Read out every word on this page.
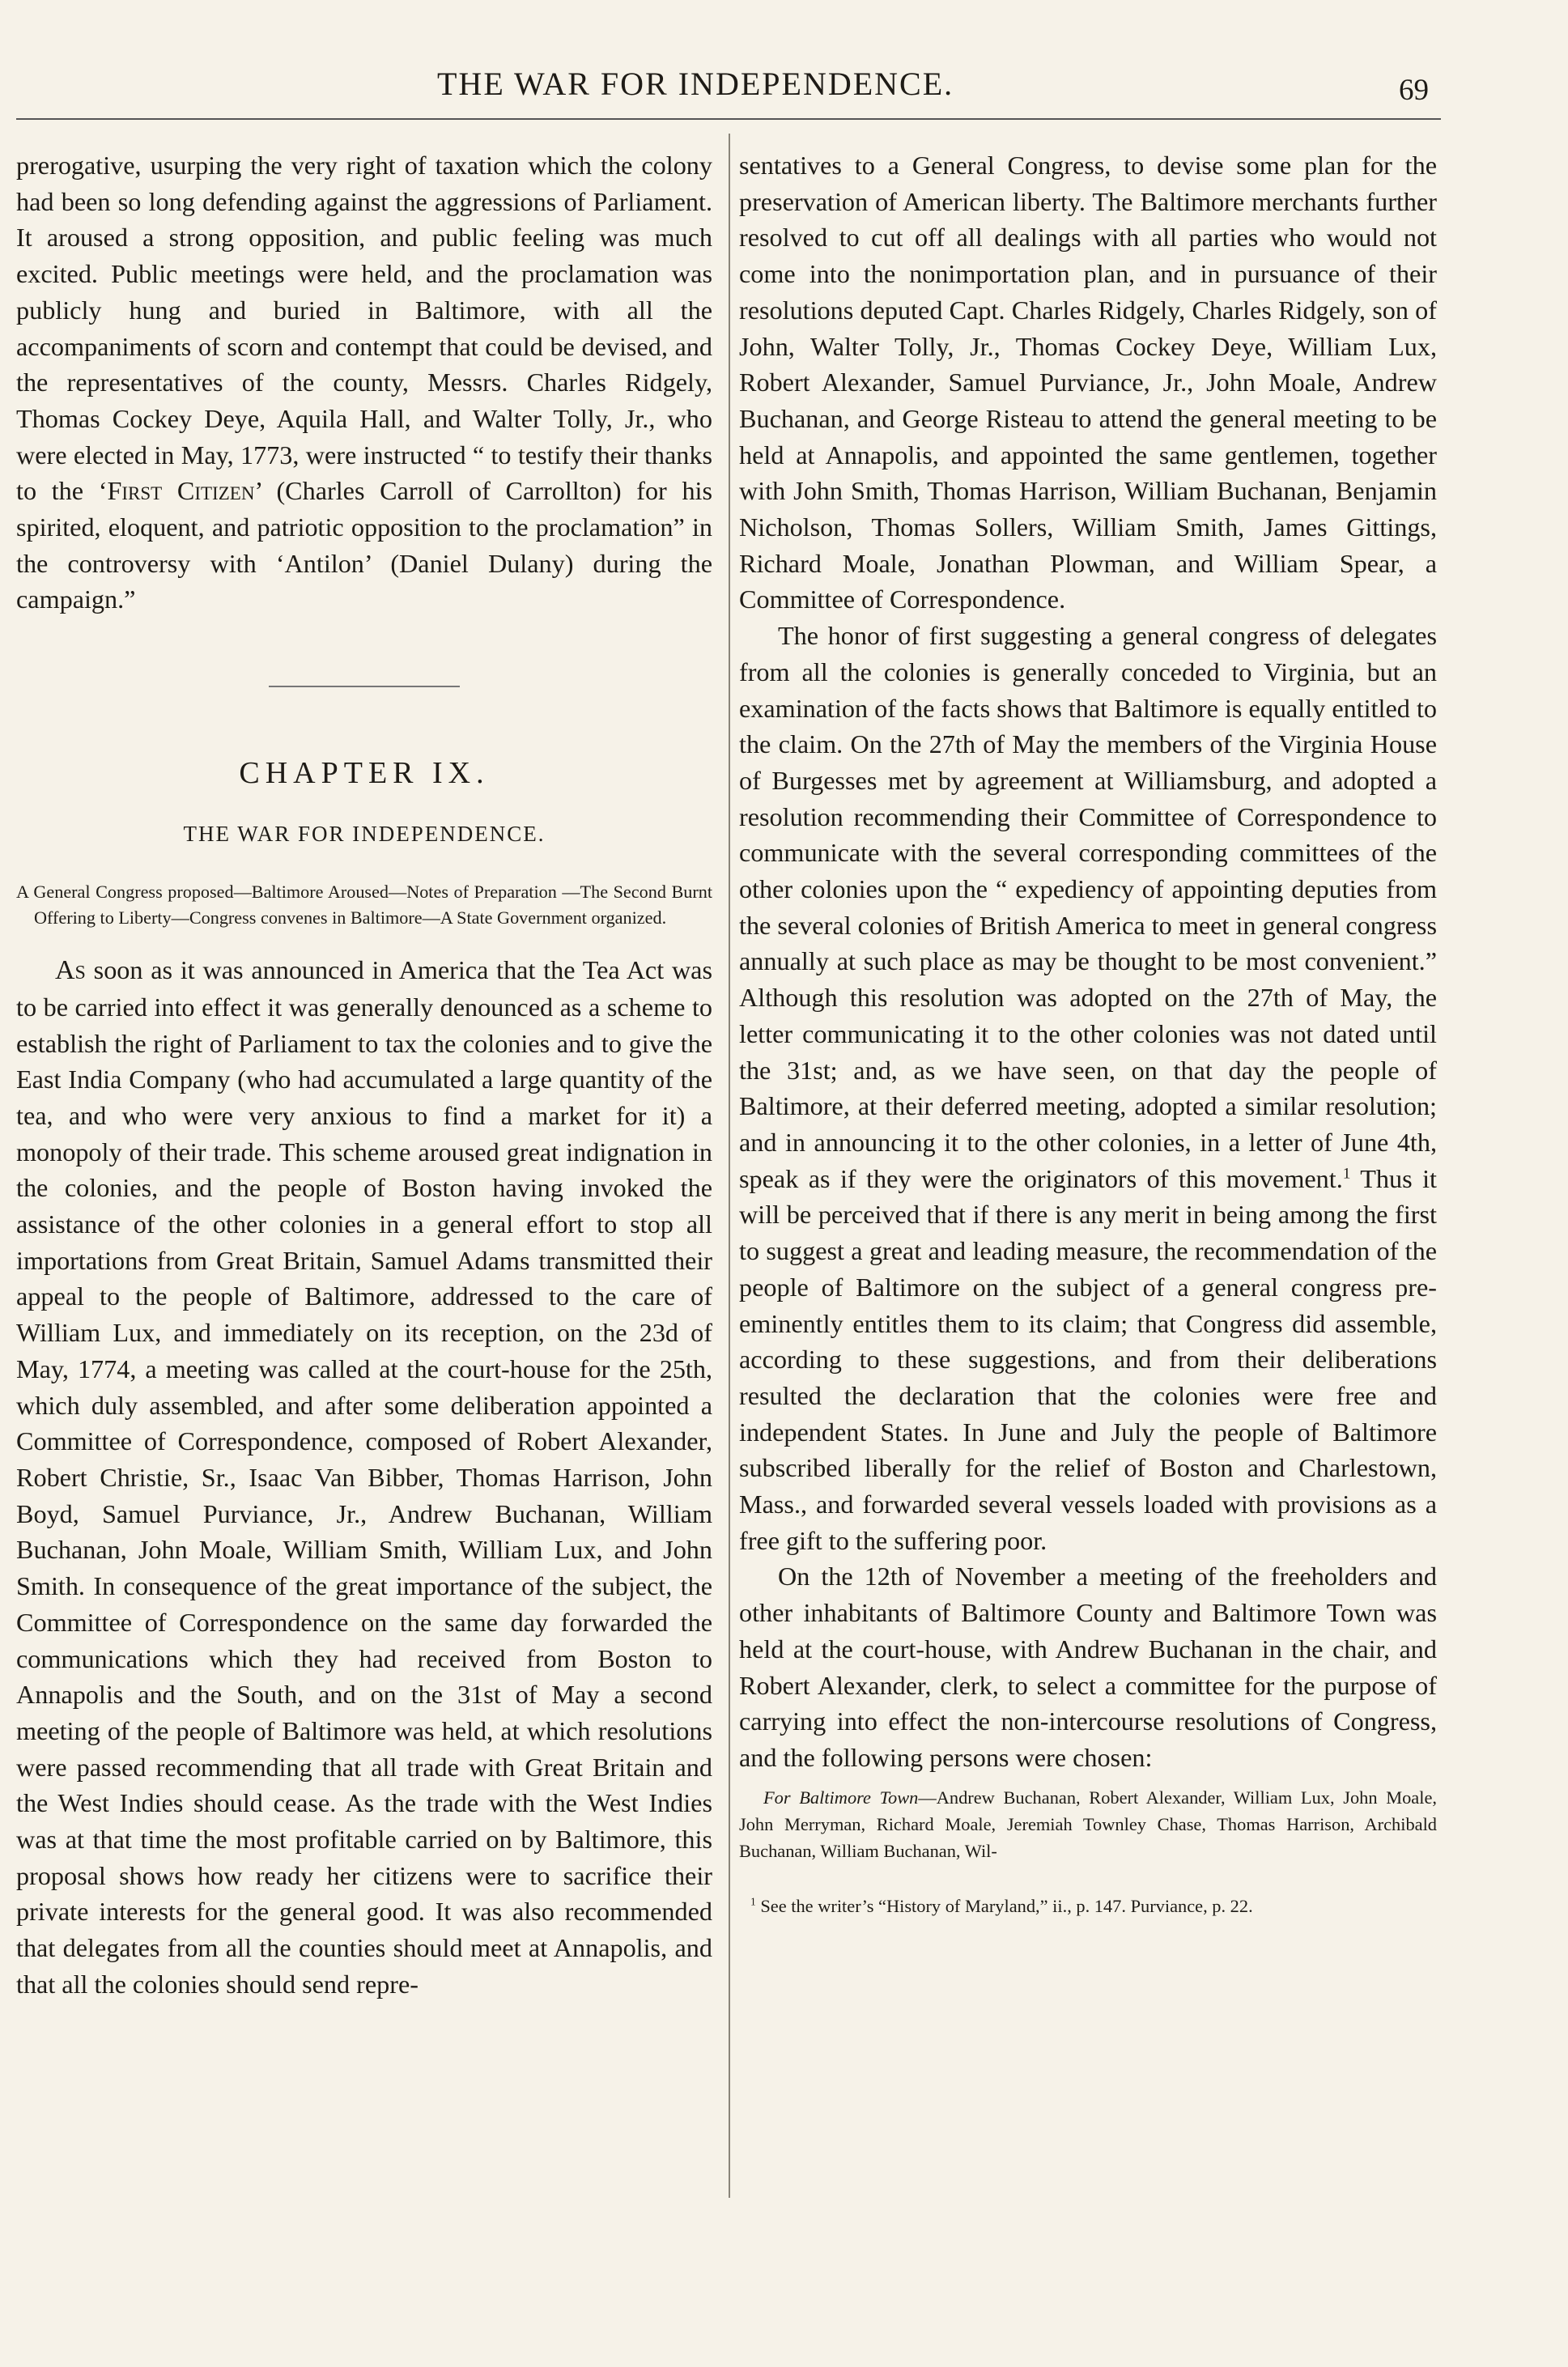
THE WAR FOR INDEPENDENCE.	69

prerogative, usurping the very right of taxation which the colony had been so long defending against the aggressions of Parliament. It aroused a strong opposition, and public feeling was much excited. Public meetings were held, and the proclamation was publicly hung and buried in Baltimore, with all the accompaniments of scorn and contempt that could be devised, and the representatives of the county, Messrs. Charles Ridgely, Thomas Cockey Deye, Aquila Hall, and Walter Tolly, Jr., who were elected in May, 1773, were instructed “ to testify their thanks to the ‘First Citizen’ (Charles Carroll of Carrollton) for his spirited, eloquent, and patriotic opposition to the proclamation” in the controversy with ‘Antilon’ (Daniel Dulany) during the campaign.”

CHAPTER IX.
THE WAR FOR INDEPENDENCE.
A General Congress proposed—Baltimore Aroused—Notes of Preparation —The Second Burnt Offering to Liberty—Congress convenes in Baltimore—A State Government organized.

As soon as it was announced in America that the Tea Act was to be carried into effect it was generally denounced as a scheme to establish the right of Parliament to tax the colonies and to give the East India Company (who had accumulated a large quantity of the tea, and who were very anxious to find a market for it) a monopoly of their trade. This scheme aroused great indignation in the colonies, and the people of Boston having invoked the assistance of the other colonies in a general effort to stop all importations from Great Britain, Samuel Adams transmitted their appeal to the people of Baltimore, addressed to the care of William Lux, and immediately on its reception, on the 23d of May, 1774, a meeting was called at the court-house for the 25th, which duly assembled, and after some deliberation appointed a Committee of Correspondence, composed of Robert Alexander, Robert Christie, Sr., Isaac Van Bibber, Thomas Harrison, John Boyd, Samuel Purviance, Jr., Andrew Buchanan, William Buchanan, John Moale, William Smith, William Lux, and John Smith. In consequence of the great importance of the subject, the Committee of Correspondence on the same day forwarded the communications which they had received from Boston to Annapolis and the South, and on the 31st of May a second meeting of the people of Baltimore was held, at which resolutions were passed recommending that all trade with Great Britain and the West Indies should cease. As the trade with the West Indies was at that time the most profitable carried on by Baltimore, this proposal shows how ready her citizens were to sacrifice their private interests for the general good. It was also recommended that delegates from all the counties should meet at Annapolis, and that all the colonies should send repre-

sentatives to a General Congress, to devise some plan for the preservation of American liberty. The Baltimore merchants further resolved to cut off all dealings with all parties who would not come into the nonimportation plan, and in pursuance of their resolutions deputed Capt. Charles Ridgely, Charles Ridgely, son of John, Walter Tolly, Jr., Thomas Cockey Deye, William Lux, Robert Alexander, Samuel Purviance, Jr., John Moale, Andrew Buchanan, and George Risteau to attend the general meeting to be held at Annapolis, and appointed the same gentlemen, together with John Smith, Thomas Harrison, William Buchanan, Benjamin Nicholson, Thomas Sollers, William Smith, James Gittings, Richard Moale, Jonathan Plowman, and William Spear, a Committee of Correspondence.

The honor of first suggesting a general congress of delegates from all the colonies is generally conceded to Virginia, but an examination of the facts shows that Baltimore is equally entitled to the claim. On the 27th of May the members of the Virginia House of Burgesses met by agreement at Williamsburg, and adopted a resolution recommending their Committee of Correspondence to communicate with the several corresponding committees of the other colonies upon the “ expediency of appointing deputies from the several colonies of British America to meet in general congress annually at such place as may be thought to be most convenient.” Although this resolution was adopted on the 27th of May, the letter communicating it to the other colonies was not dated until the 31st; and, as we have seen, on that day the people of Baltimore, at their deferred meeting, adopted a similar resolution; and in announcing it to the other colonies, in a letter of June 4th, speak as if they were the originators of this movement.$^1$ Thus it will be perceived that if there is any merit in being among the first to suggest a great and leading measure, the recommendation of the people of Baltimore on the subject of a general congress pre-eminently entitles them to its claim; that Congress did assemble, according to these suggestions, and from their deliberations resulted the declaration that the colonies were free and independent States. In June and July the people of Baltimore subscribed liberally for the relief of Boston and Charlestown, Mass., and forwarded several vessels loaded with provisions as a free gift to the suffering poor.

On the 12th of November a meeting of the freeholders and other inhabitants of Baltimore County and Baltimore Town was held at the court-house, with Andrew Buchanan in the chair, and Robert Alexander, clerk, to select a committee for the purpose of carrying into effect the non-intercourse resolutions of Congress, and the following persons were chosen:

For Baltimore Town—Andrew Buchanan, Robert Alexander, William Lux, John Moale, John Merryman, Richard Moale, Jeremiah Townley Chase, Thomas Harrison, Archibald Buchanan, William Buchanan, Wil-
$^1$ See the writer’s “History of Maryland,” ii., p. 147. Purviance, p. 22.
